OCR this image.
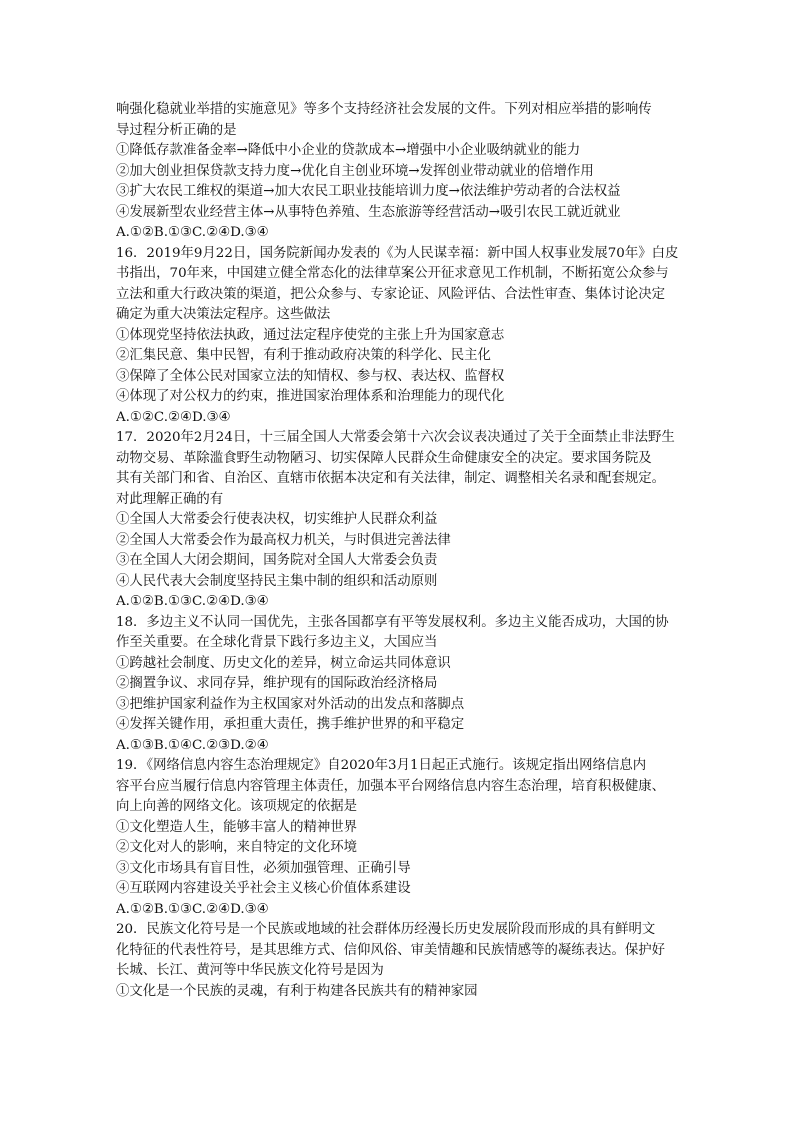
响强化稳就业举措的实施意见》等多个支持经济社会发展的文件。下列对相应举措的影响传
导过程分析正确的是
①降低存款准备金率→降低中小企业的贷款成本→增强中小企业吸纳就业的能力
②加大创业担保贷款支持力度→优化自主创业环境→发挥创业带动就业的倍增作用
③扩大农民工维权的渠道→加大农民工职业技能培训力度→依法维护劳动者的合法权益
④发展新型农业经营主体→从事特色养殖、生态旅游等经营活动→吸引农民工就近就业
A.①②B.①③C.②④D.③④
16．2019年9月22日，国务院新闻办发表的《为人民谋幸福：新中国人权事业发展70年》白皮
书指出，70年来，中国建立健全常态化的法律草案公开征求意见工作机制，不断拓宽公众参与
立法和重大行政决策的渠道，把公众参与、专家论证、风险评估、合法性审查、集体讨论决定
确定为重大决策法定程序。这些做法
①体现党坚持依法执政，通过法定程序使党的主张上升为国家意志
②汇集民意、集中民智，有利于推动政府决策的科学化、民主化
③保障了全体公民对国家立法的知情权、参与权、表达权、监督权
④体现了对公权力的约束，推进国家治理体系和治理能力的现代化
A.①②C.②④D.③④
17．2020年2月24日，十三届全国人大常委会第十六次会议表决通过了关于全面禁止非法野生
动物交易、革除滥食野生动物陋习、切实保障人民群众生命健康安全的决定。要求国务院及
其有关部门和省、自治区、直辖市依据本决定和有关法律，制定、调整相关名录和配套规定。
对此理解正确的有
①全国人大常委会行使表决权，切实维护人民群众利益
②全国人大常委会作为最高权力机关，与时俱进完善法律
③在全国人大闭会期间，国务院对全国人大常委会负责
④人民代表大会制度坚持民主集中制的组织和活动原则
A.①②B.①③C.②④D.③④
18．多边主义不认同一国优先，主张各国都享有平等发展权利。多边主义能否成功，大国的协
作至关重要。在全球化背景下践行多边主义，大国应当
①跨越社会制度、历史文化的差异，树立命运共同体意识
②搁置争议、求同存异，维护现有的国际政治经济格局
③把维护国家利益作为主权国家对外活动的出发点和落脚点
④发挥关键作用，承担重大责任，携手维护世界的和平稳定
A.①③B.①④C.②③D.②④
19．《网络信息内容生态治理规定》自2020年3月1日起正式施行。该规定指出网络信息内
容平台应当履行信息内容管理主体责任，加强本平台网络信息内容生态治理，培育积极健康、
向上向善的网络文化。该项规定的依据是
①文化塑造人生，能够丰富人的精神世界
②文化对人的影响，来自特定的文化环境
③文化市场具有盲目性，必须加强管理、正确引导
④互联网内容建设关乎社会主义核心价值体系建设
A.①②B.①③C.②④D.③④
20．民族文化符号是一个民族或地域的社会群体历经漫长历史发展阶段而形成的具有鲜明文
化特征的代表性符号，是其思维方式、信仰风俗、审美情趣和民族情感等的凝练表达。保护好
长城、长江、黄河等中华民族文化符号是因为
①文化是一个民族的灵魂，有利于构建各民族共有的精神家园
